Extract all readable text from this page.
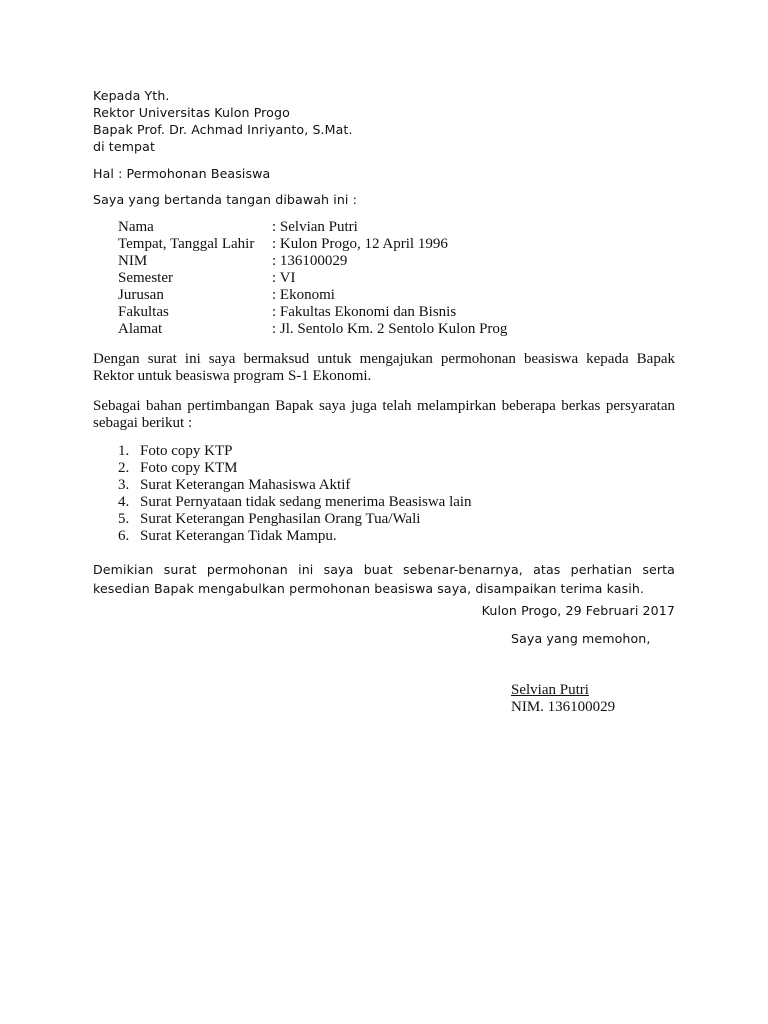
Kepada Yth.
Rektor Universitas Kulon Progo
Bapak Prof. Dr. Achmad Inriyanto, S.Mat.
di tempat
Hal : Permohonan Beasiswa
Saya yang bertanda tangan dibawah ini :
Nama	: Selvian Putri
Tempat, Tanggal Lahir	: Kulon Progo, 12 April 1996
NIM	: 136100029
Semester	: VI
Jurusan	: Ekonomi
Fakultas	: Fakultas Ekonomi dan Bisnis
Alamat	: Jl. Sentolo Km. 2 Sentolo Kulon Prog
Dengan surat ini saya bermaksud untuk mengajukan permohonan beasiswa kepada Bapak Rektor untuk beasiswa program S-1 Ekonomi.
Sebagai bahan pertimbangan Bapak saya juga telah melampirkan beberapa berkas persyaratan sebagai berikut :
1. Foto copy KTP
2. Foto copy KTM
3. Surat Keterangan Mahasiswa Aktif
4. Surat Pernyataan tidak sedang menerima Beasiswa lain
5. Surat Keterangan Penghasilan Orang Tua/Wali
6. Surat Keterangan Tidak Mampu.
Demikian surat permohonan ini saya buat sebenar-benarnya, atas perhatian serta kesedian Bapak mengabulkan permohonan beasiswa saya, disampaikan terima kasih.
Kulon Progo, 29 Februari 2017
Saya yang memohon,
Selvian Putri
NIM. 136100029
